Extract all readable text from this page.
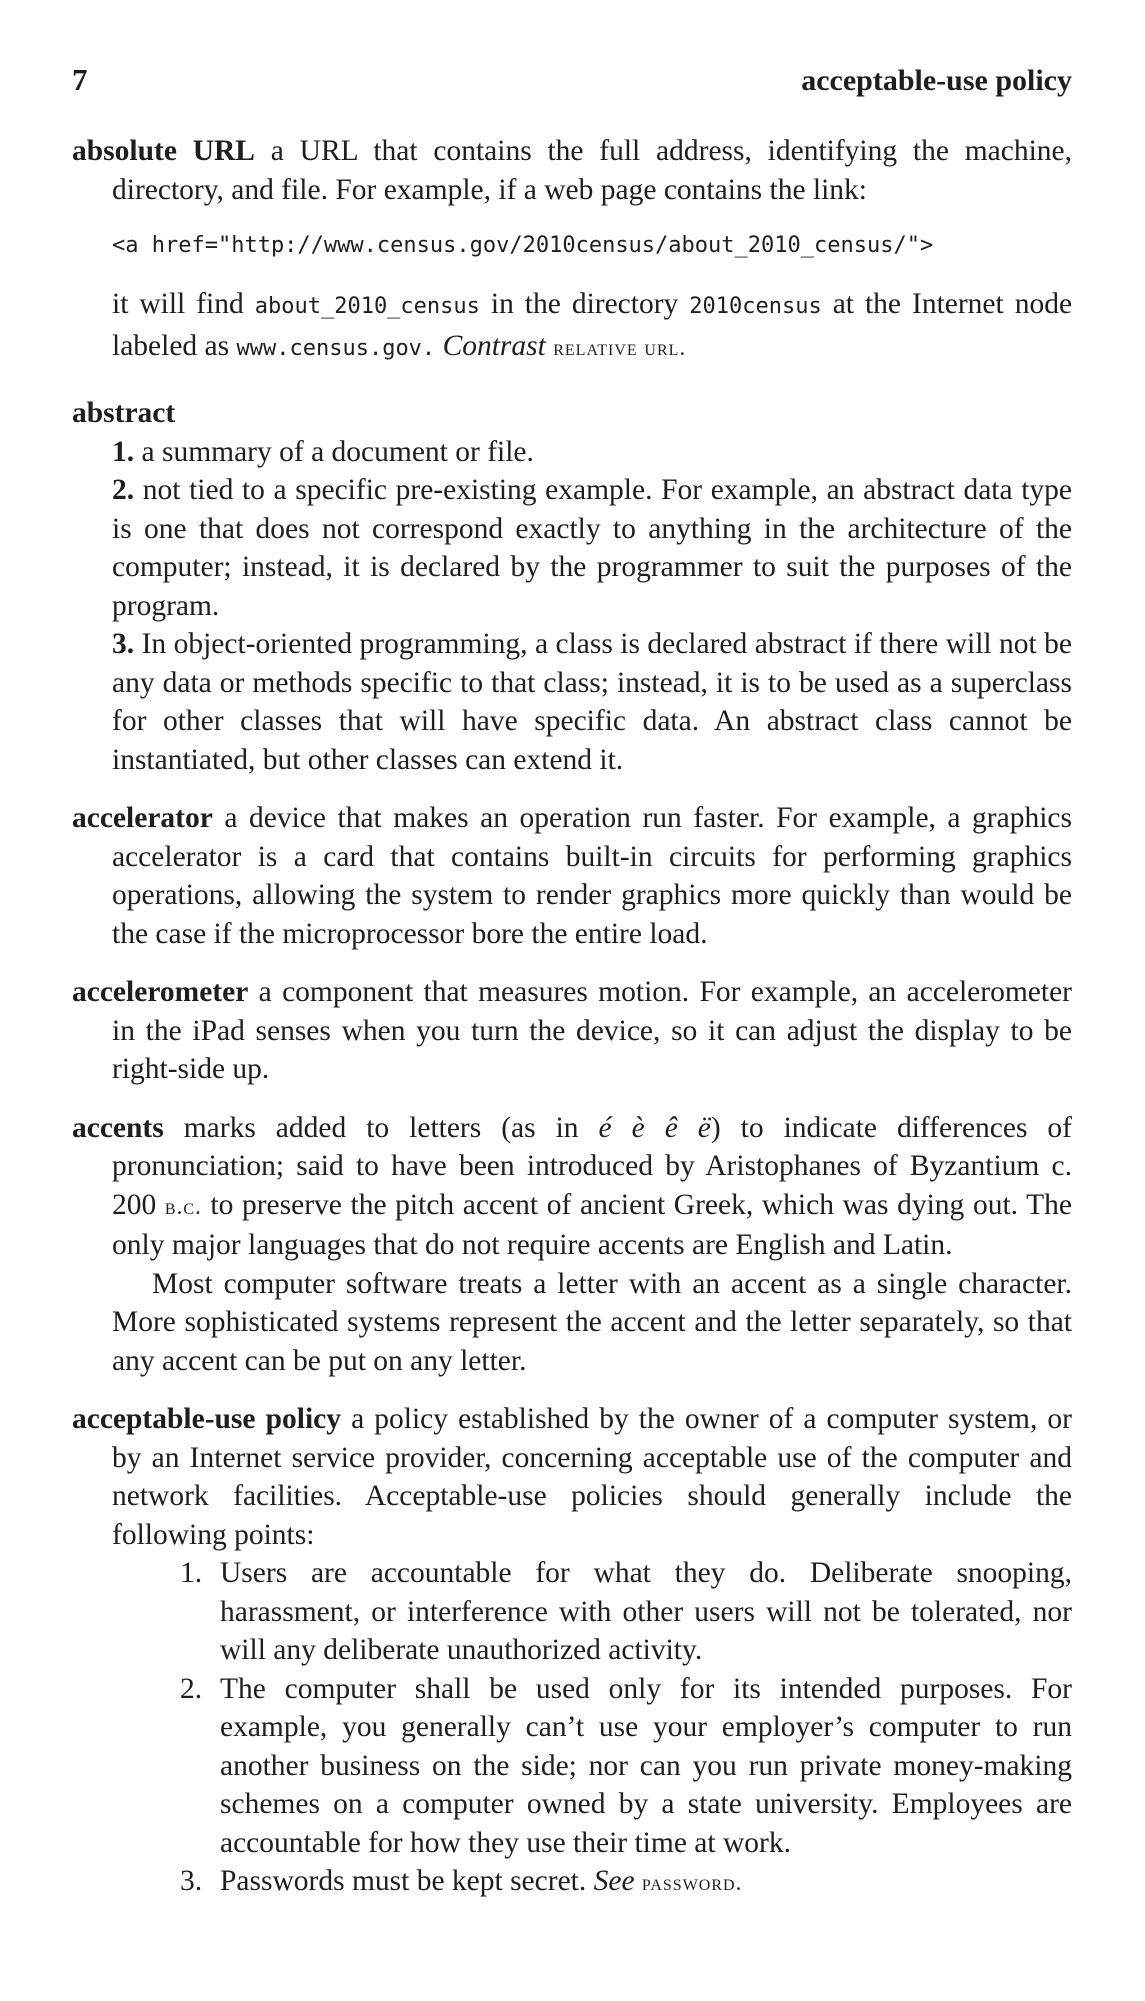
7	acceptable-use policy
absolute URL a URL that contains the full address, identifying the machine, directory, and file. For example, if a web page contains the link:
<a href="http://www.census.gov/2010census/about_2010_census/">
it will find about_2010_census in the directory 2010census at the Internet node labeled as www.census.gov. Contrast relative url.
abstract
1. a summary of a document or file.
2. not tied to a specific pre-existing example. For example, an abstract data type is one that does not correspond exactly to anything in the architecture of the computer; instead, it is declared by the programmer to suit the purposes of the program.
3. In object-oriented programming, a class is declared abstract if there will not be any data or methods specific to that class; instead, it is to be used as a superclass for other classes that will have specific data. An abstract class cannot be instantiated, but other classes can extend it.
accelerator a device that makes an operation run faster. For example, a graphics accelerator is a card that contains built-in circuits for performing graphics operations, allowing the system to render graphics more quickly than would be the case if the microprocessor bore the entire load.
accelerometer a component that measures motion. For example, an accelerometer in the iPad senses when you turn the device, so it can adjust the display to be right-side up.
accents marks added to letters (as in é è ê ë) to indicate differences of pronunciation; said to have been introduced by Aristophanes of Byzantium c. 200 b.c. to preserve the pitch accent of ancient Greek, which was dying out. The only major languages that do not require accents are English and Latin.
Most computer software treats a letter with an accent as a single character. More sophisticated systems represent the accent and the letter separately, so that any accent can be put on any letter.
acceptable-use policy a policy established by the owner of a computer system, or by an Internet service provider, concerning acceptable use of the computer and network facilities. Acceptable-use policies should generally include the following points:
1. Users are accountable for what they do. Deliberate snooping, harassment, or interference with other users will not be tolerated, nor will any deliberate unauthorized activity.
2. The computer shall be used only for its intended purposes. For example, you generally can’t use your employer’s computer to run another business on the side; nor can you run private money-making schemes on a computer owned by a state university. Employees are accountable for how they use their time at work.
3. Passwords must be kept secret. See password.
